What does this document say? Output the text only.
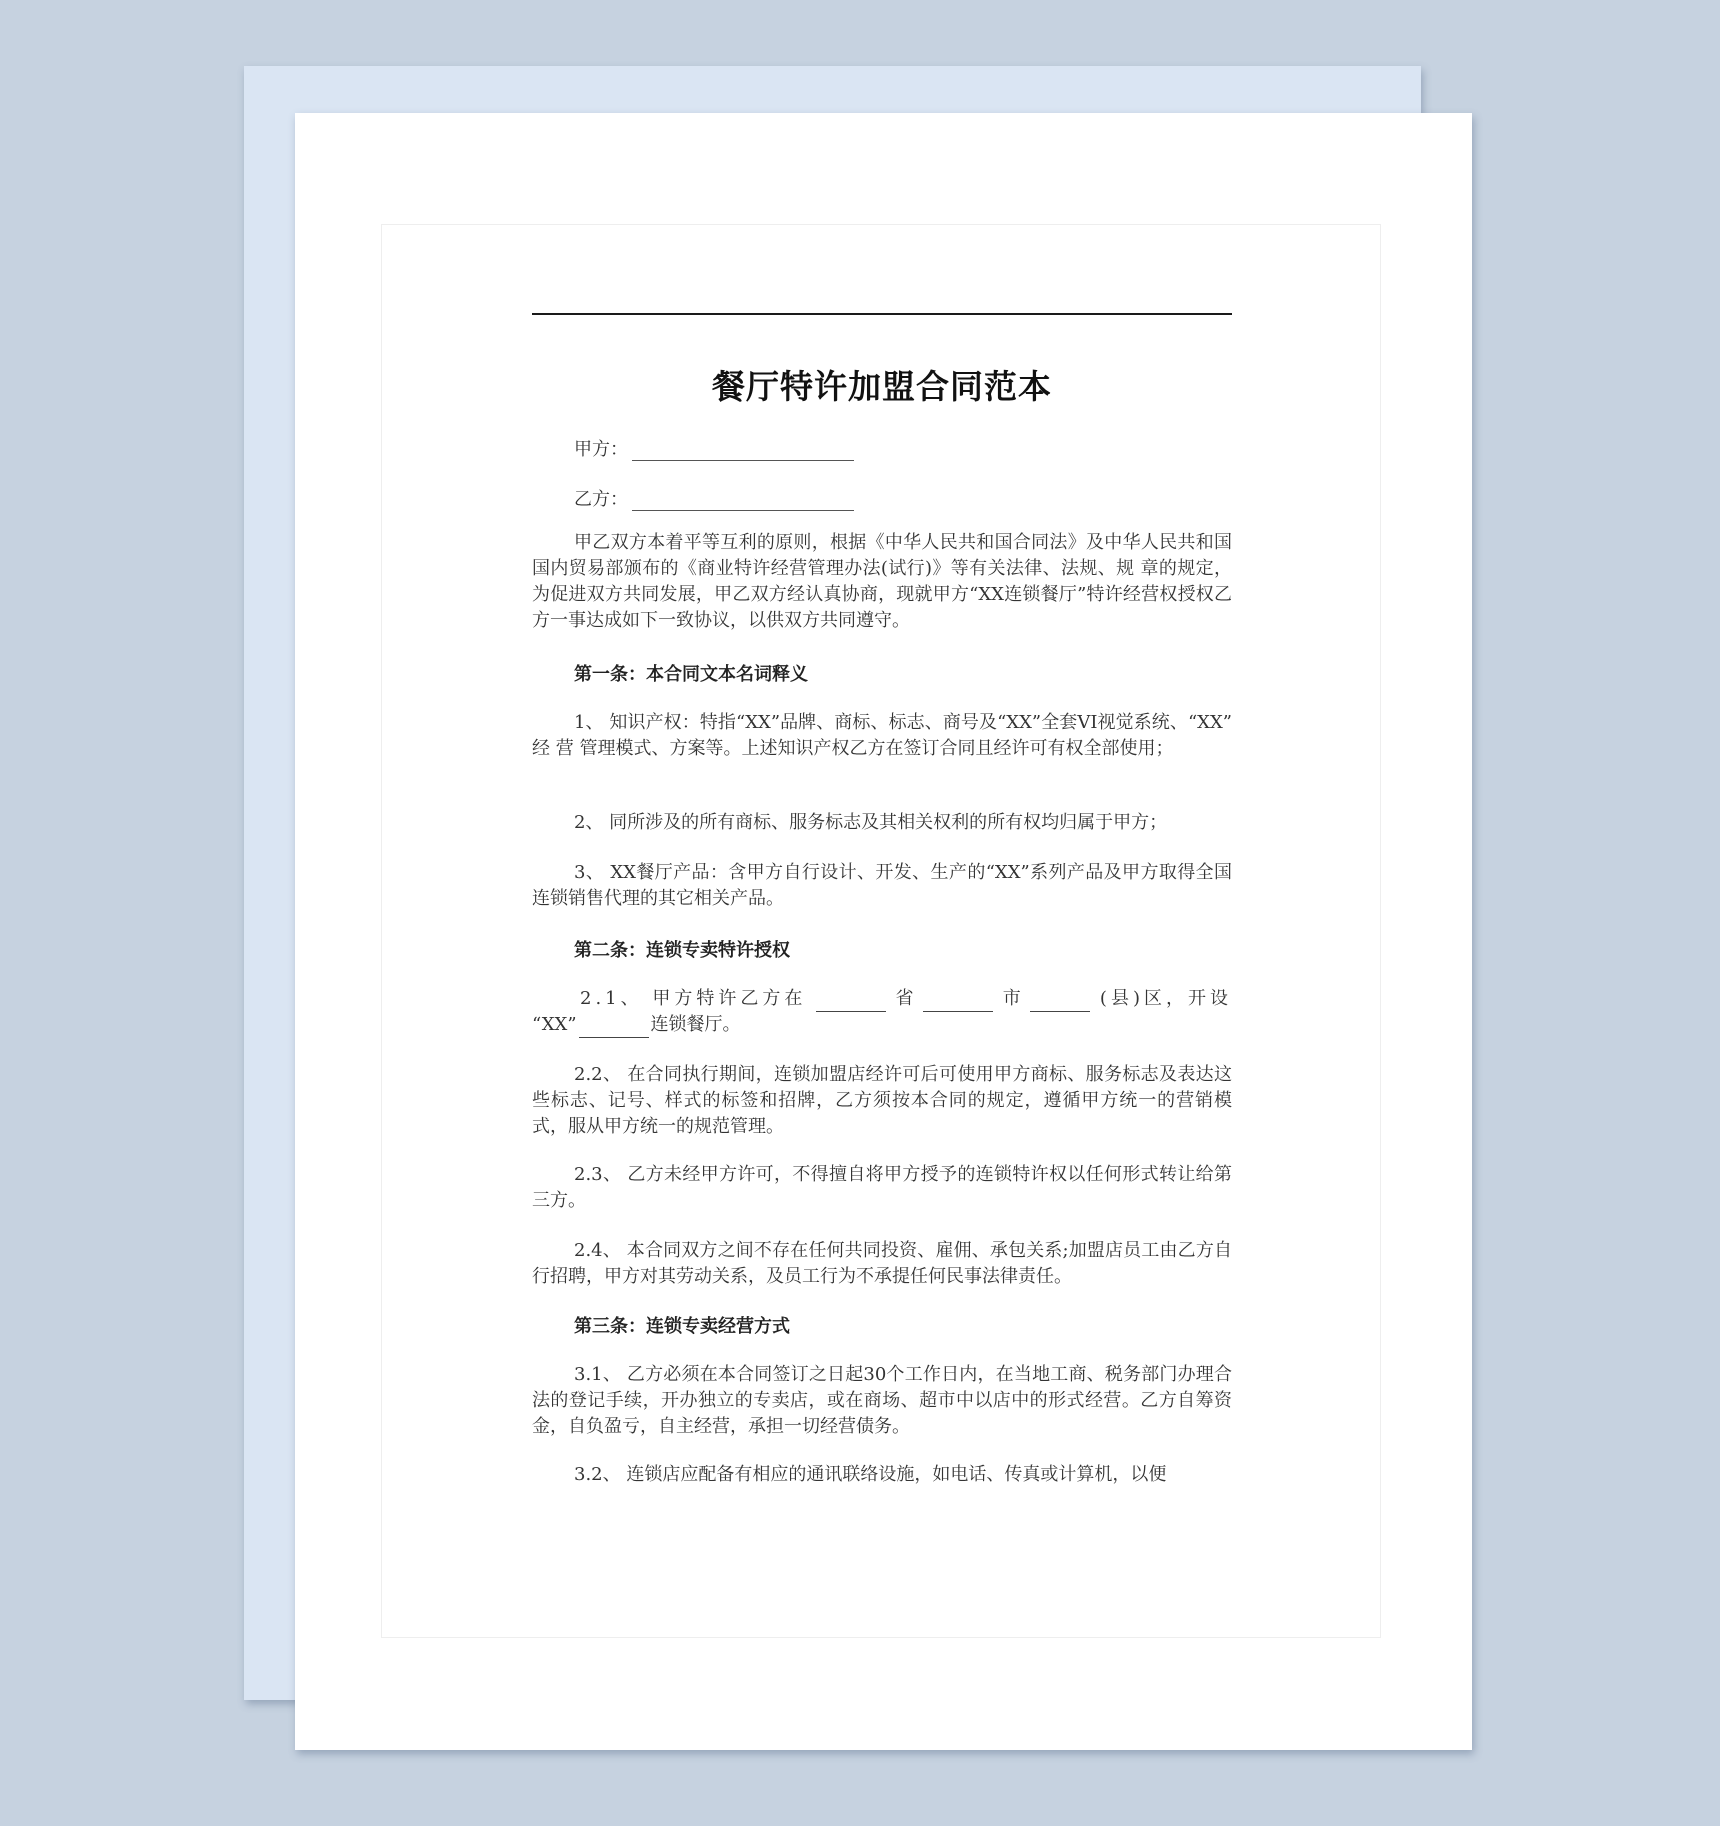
餐厅特许加盟合同范本
甲方：
乙方：
甲乙双方本着平等互利的原则，根据《中华人民共和国合同法》及中华人民共和国国内贸易部颁布的《商业特许经营管理办法(试行)》等有关法律、法规、规 章的规定，为促进双方共同发展，甲乙双方经认真协商，现就甲方“XX连锁餐厅”特许经营权授权乙方一事达成如下一致协议，以供双方共同遵守。
第一条：本合同文本名词释义
1、 知识产权：特指“XX”品牌、商标、标志、商号及“XX”全套VI视觉系统、“XX” 经 营 管理模式、方案等。上述知识产权乙方在签订合同且经许可有权全部使用；
2、 同所涉及的所有商标、服务标志及其相关权利的所有权均归属于甲方；
3、 XX餐厅产品：含甲方自行设计、开发、生产的“XX”系列产品及甲方取得全国连锁销售代理的其它相关产品。
第二条：连锁专卖特许授权
2.1、 甲方特许乙方在	省	市	(县)区，开设
“XX”	连锁餐厅。
2.2、 在合同执行期间，连锁加盟店经许可后可使用甲方商标、服务标志及表达这些标志、记号、样式的标签和招牌，乙方须按本合同的规定，遵循甲方统一的营销模式，服从甲方统一的规范管理。
2.3、 乙方未经甲方许可，不得擅自将甲方授予的连锁特许权以任何形式转让给第三方。
2.4、 本合同双方之间不存在任何共同投资、雇佣、承包关系;加盟店员工由乙方自行招聘，甲方对其劳动关系，及员工行为不承提任何民事法律责任。
第三条：连锁专卖经营方式
3.1、 乙方必须在本合同签订之日起30个工作日内，在当地工商、税务部门办理合法的登记手续，开办独立的专卖店，或在商场、超市中以店中的形式经营。乙方自筹资金，自负盈亏，自主经营，承担一切经营债务。
3.2、 连锁店应配备有相应的通讯联络设施，如电话、传真或计算机，以便
